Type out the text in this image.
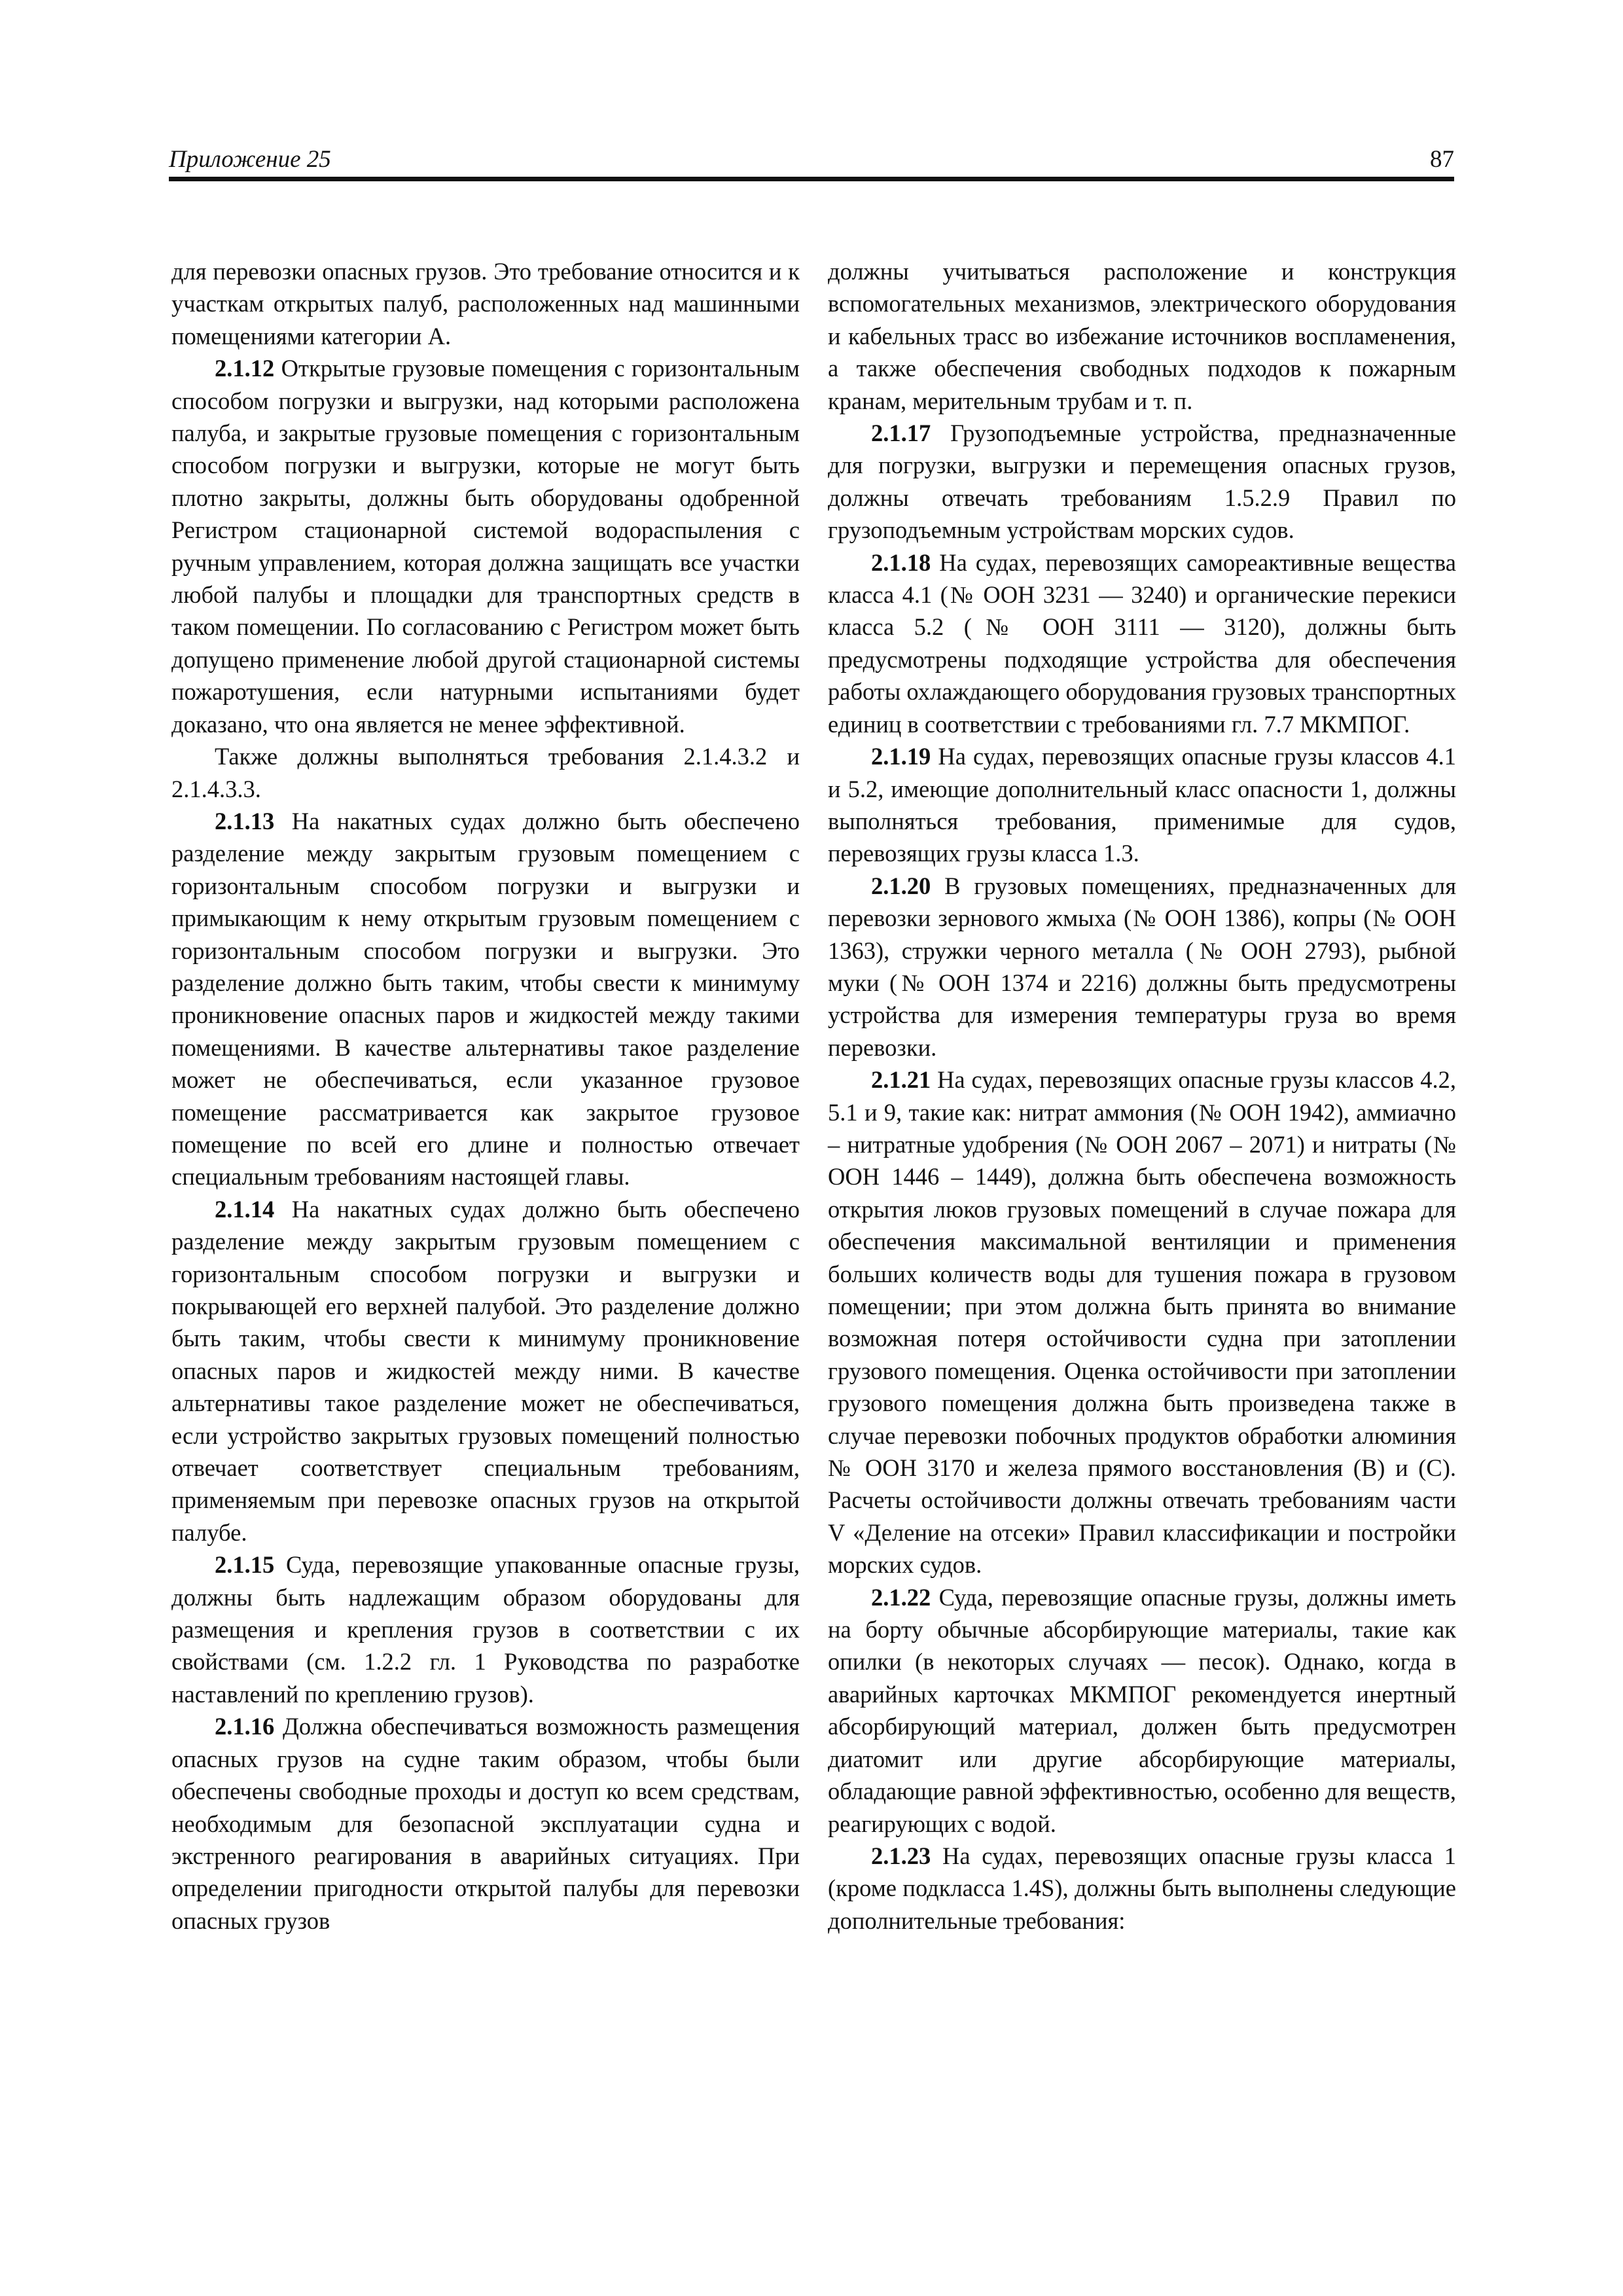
Приложение 25	87

для перевозки опасных грузов. Это требование относится и к участкам открытых палуб, расположенных над машинными помещениями категории А.

2.1.12 Открытые грузовые помещения с горизонтальным способом погрузки и выгрузки, над которыми расположена палуба, и закрытые грузовые помещения с горизонтальным способом погрузки и выгрузки, которые не могут быть плотно закрыты, должны быть оборудованы одобренной Регистром стационарной системой водораспыления с ручным управлением, которая должна защищать все участки любой палубы и площадки для транспортных средств в таком помещении. По согласованию с Регистром может быть допущено применение любой другой стационарной системы пожаротушения, если натурными испытаниями будет доказано, что она является не менее эффективной.

Также должны выполняться требования 2.1.4.3.2 и 2.1.4.3.3.

2.1.13 На накатных судах должно быть обеспечено разделение между закрытым грузовым помещением с горизонтальным способом погрузки и выгрузки и примыкающим к нему открытым грузовым помещением с горизонтальным способом погрузки и выгрузки. Это разделение должно быть таким, чтобы свести к минимуму проникновение опасных паров и жидкостей между такими помещениями. В качестве альтернативы такое разделение может не обеспечиваться, если указанное грузовое помещение рассматривается как закрытое грузовое помещение по всей его длине и полностью отвечает специальным требованиям настоящей главы.

2.1.14 На накатных судах должно быть обеспечено разделение между закрытым грузовым помещением с горизонтальным способом погрузки и выгрузки и покрывающей его верхней палубой. Это разделение должно быть таким, чтобы свести к минимуму проникновение опасных паров и жидкостей между ними. В качестве альтернативы такое разделение может не обеспечиваться, если устройство закрытых грузовых помещений полностью отвечает соответствует специальным требованиям, применяемым при перевозке опасных грузов на открытой палубе.

2.1.15 Суда, перевозящие упакованные опасные грузы, должны быть надлежащим образом оборудованы для размещения и крепления грузов в соответствии с их свойствами (см. 1.2.2 гл. 1 Руководства по разработке наставлений по креплению грузов).

2.1.16 Должна обеспечиваться возможность размещения опасных грузов на судне таким образом, чтобы были обеспечены свободные проходы и доступ ко всем средствам, необходимым для безопасной эксплуатации судна и экстренного реагирования в аварийных ситуациях. При определении пригодности открытой палубы для перевозки опасных грузов

должны учитываться расположение и конструкция вспомогательных механизмов, электрического оборудования и кабельных трасс во избежание источников воспламенения, а также обеспечения свободных подходов к пожарным кранам, мерительным трубам и т. п.

2.1.17 Грузоподъемные устройства, предназначенные для погрузки, выгрузки и перемещения опасных грузов, должны отвечать требованиям 1.5.2.9 Правил по грузоподъемным устройствам морских судов.

2.1.18 На судах, перевозящих самореактивные вещества класса 4.1 (№ ООН 3231 — 3240) и органические перекиси класса 5.2 (№ ООН 3111 — 3120), должны быть предусмотрены подходящие устройства для обеспечения работы охлаждающего оборудования грузовых транспортных единиц в соответствии с требованиями гл. 7.7 МКМПОГ.

2.1.19 На судах, перевозящих опасные грузы классов 4.1 и 5.2, имеющие дополнительный класс опасности 1, должны выполняться требования, применимые для судов, перевозящих грузы класса 1.3.

2.1.20 В грузовых помещениях, предназначенных для перевозки зернового жмыха (№ ООН 1386), копры (№ ООН 1363), стружки черного металла (№ ООН 2793), рыбной муки (№ ООН 1374 и 2216) должны быть предусмотрены устройства для измерения температуры груза во время перевозки.

2.1.21 На судах, перевозящих опасные грузы классов 4.2, 5.1 и 9, такие как: нитрат аммония (№ ООН 1942), аммиачно – нитратные удобрения (№ ООН 2067 – 2071) и нитраты (№ ООН 1446 – 1449), должна быть обеспечена возможность открытия люков грузовых помещений в случае пожара для обеспечения максимальной вентиляции и применения больших количеств воды для тушения пожара в грузовом помещении; при этом должна быть принята во внимание возможная потеря остойчивости судна при затоплении грузового помещения. Оценка остойчивости при затоплении грузового помещения должна быть произведена также в случае перевозки побочных продуктов обработки алюминия № ООН 3170 и железа прямого восстановления (В) и (С). Расчеты остойчивости должны отвечать требованиям части V «Деление на отсеки» Правил классификации и постройки морских судов.

2.1.22 Суда, перевозящие опасные грузы, должны иметь на борту обычные абсорбирующие материалы, такие как опилки (в некоторых случаях — песок). Однако, когда в аварийных карточках МКМПОГ рекомендуется инертный абсорбирующий материал, должен быть предусмотрен диатомит или другие абсорбирующие материалы, обладающие равной эффективностью, особенно для веществ, реагирующих с водой.

2.1.23 На судах, перевозящих опасные грузы класса 1 (кроме подкласса 1.4S), должны быть выполнены следующие дополнительные требования:
